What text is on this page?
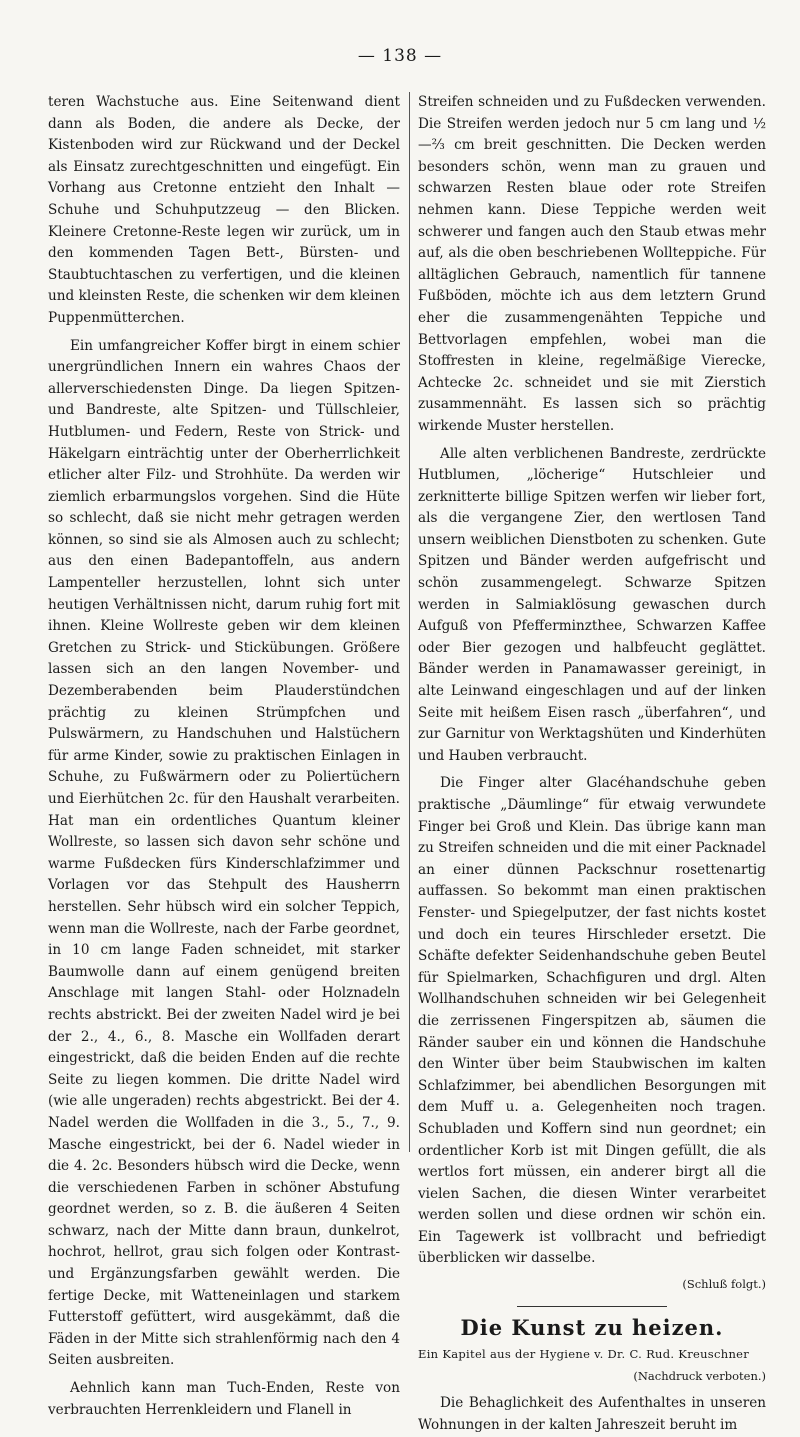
— 138 —

teren Wachstuche aus. Eine Seitenwand dient dann als Boden, die andere als Decke, der Kistenboden wird zur Rückwand und der Deckel als Einsatz zurechtgeschnitten und eingefügt. Ein Vorhang aus Cretonne entzieht den Inhalt — Schuhe und Schuhputzzeug — den Blicken. Kleinere Cretonne-Reste legen wir zurück, um in den kommenden Tagen Bett-, Bürsten- und Staubtuchtaschen zu verfertigen, und die kleinen und kleinsten Reste, die schenken wir dem kleinen Puppenmütterchen.

Ein umfangreicher Koffer birgt in einem schier unergründlichen Innern ein wahres Chaos der allerverschiedensten Dinge. Da liegen Spitzen- und Bandreste, alte Spitzen- und Tüllschleier, Hutblumen- und Federn, Reste von Strick- und Häkelgarn einträchtig unter der Oberherrlichkeit etlicher alter Filz- und Strohhüte. Da werden wir ziemlich erbarmungslos vorgehen. Sind die Hüte so schlecht, daß sie nicht mehr getragen werden können, so sind sie als Almosen auch zu schlecht; aus den einen Badepantoffeln, aus andern Lampenteller herzustellen, lohnt sich unter heutigen Verhältnissen nicht, darum ruhig fort mit ihnen. Kleine Wollreste geben wir dem kleinen Gretchen zu Strick- und Stickübungen. Größere lassen sich an den langen November- und Dezemberabenden beim Plauderstündchen prächtig zu kleinen Strümpfchen und Pulswärmern, zu Handschuhen und Halstüchern für arme Kinder, sowie zu praktischen Einlagen in Schuhe, zu Fußwärmern oder zu Poliertüchern und Eierhütchen 2c. für den Haushalt verarbeiten. Hat man ein ordentliches Quantum kleiner Wollreste, so lassen sich davon sehr schöne und warme Fußdecken fürs Kinderschlafzimmer und Vorlagen vor das Stehpult des Hausherrn herstellen. Sehr hübsch wird ein solcher Teppich, wenn man die Wollreste, nach der Farbe geordnet, in 10 cm lange Faden schneidet, mit starker Baumwolle dann auf einem genügend breiten Anschlage mit langen Stahl- oder Holznadeln rechts abstrickt. Bei der zweiten Nadel wird je bei der 2., 4., 6., 8. Masche ein Wollfaden derart eingestrickt, daß die beiden Enden auf die rechte Seite zu liegen kommen. Die dritte Nadel wird (wie alle ungeraden) rechts abgestrickt. Bei der 4. Nadel werden die Wollfaden in die 3., 5., 7., 9. Masche eingestrickt, bei der 6. Nadel wieder in die 4. 2c. Besonders hübsch wird die Decke, wenn die verschiedenen Farben in schöner Abstufung geordnet werden, so z. B. die äußeren 4 Seiten schwarz, nach der Mitte dann braun, dunkelrot, hochrot, hellrot, grau sich folgen oder Kontrast- und Ergänzungsfarben gewählt werden. Die fertige Decke, mit Watteneinlagen und starkem Futterstoff gefüttert, wird ausgekämmt, daß die Fäden in der Mitte sich strahlenförmig nach den 4 Seiten ausbreiten.

Aehnlich kann man Tuch-Enden, Reste von verbrauchten Herrenkleidern und Flanell in

Streifen schneiden und zu Fußdecken verwenden. Die Streifen werden jedoch nur 5 cm lang und ½—⅔ cm breit geschnitten. Die Decken werden besonders schön, wenn man zu grauen und schwarzen Resten blaue oder rote Streifen nehmen kann. Diese Teppiche werden weit schwerer und fangen auch den Staub etwas mehr auf, als die oben beschriebenen Wollteppiche. Für alltäglichen Gebrauch, namentlich für tannene Fußböden, möchte ich aus dem letztern Grund eher die zusammengenähten Teppiche und Bettvorlagen empfehlen, wobei man die Stoffresten in kleine, regelmäßige Vierecke, Achtecke 2c. schneidet und sie mit Zierstich zusammennäht. Es lassen sich so prächtig wirkende Muster herstellen.

Alle alten verblichenen Bandreste, zerdrückte Hutblumen, „löcherige“ Hutschleier und zerknitterte billige Spitzen werfen wir lieber fort, als die vergangene Zier, den wertlosen Tand unsern weiblichen Dienstboten zu schenken. Gute Spitzen und Bänder werden aufgefrischt und schön zusammengelegt. Schwarze Spitzen werden in Salmiaklösung gewaschen durch Aufguß von Pfefferminzthee, Schwarzen Kaffee oder Bier gezogen und halbfeucht geglättet. Bänder werden in Panamawasser gereinigt, in alte Leinwand eingeschlagen und auf der linken Seite mit heißem Eisen rasch „überfahren“, und zur Garnitur von Werktagshüten und Kinderhüten und Hauben verbraucht.

Die Finger alter Glacéhandschuhe geben praktische „Däumlinge“ für etwaig verwundete Finger bei Groß und Klein. Das übrige kann man zu Streifen schneiden und die mit einer Packnadel an einer dünnen Packschnur rosettenartig auffassen. So bekommt man einen praktischen Fenster- und Spiegelputzer, der fast nichts kostet und doch ein teures Hirschleder ersetzt. Die Schäfte defekter Seidenhandschuhe geben Beutel für Spielmarken, Schachfiguren und drgl. Alten Wollhandschuhen schneiden wir bei Gelegenheit die zerrissenen Fingerspitzen ab, säumen die Ränder sauber ein und können die Handschuhe den Winter über beim Staubwischen im kalten Schlafzimmer, bei abendlichen Besorgungen mit dem Muff u. a. Gelegenheiten noch tragen. Schubladen und Koffern sind nun geordnet; ein ordentlicher Korb ist mit Dingen gefüllt, die als wertlos fort müssen, ein anderer birgt all die vielen Sachen, die diesen Winter verarbeitet werden sollen und diese ordnen wir schön ein. Ein Tagewerk ist vollbracht und befriedigt überblicken wir dasselbe.

(Schluß folgt.)
Die Kunst zu heizen.
Ein Kapitel aus der Hygiene v. Dr. C. Rud. Kreuschner
(Nachdruck verboten.)

Die Behaglichkeit des Aufenthaltes in unseren Wohnungen in der kalten Jahreszeit beruht im
